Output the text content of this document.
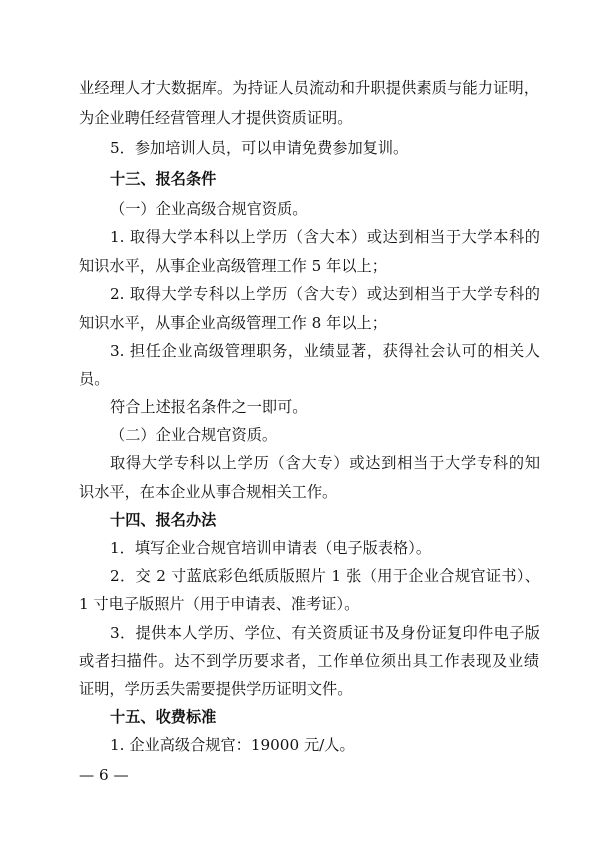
业经理人才大数据库。为持证人员流动和升职提供素质与能力证明，
为企业聘任经营管理人才提供资质证明。
5．参加培训人员，可以申请免费参加复训。
十三、报名条件
（一）企业高级合规官资质。
1. 取得大学本科以上学历（含大本）或达到相当于大学本科的
知识水平，从事企业高级管理工作 5 年以上；
2. 取得大学专科以上学历（含大专）或达到相当于大学专科的
知识水平，从事企业高级管理工作 8 年以上；
3. 担任企业高级管理职务，业绩显著，获得社会认可的相关人
员。
符合上述报名条件之一即可。
（二）企业合规官资质。
取得大学专科以上学历（含大专）或达到相当于大学专科的知
识水平，在本企业从事合规相关工作。
十四、报名办法
1．填写企业合规官培训申请表（电子版表格）。
2．交 2 寸蓝底彩色纸质版照片 1 张（用于企业合规官证书）、
1 寸电子版照片（用于申请表、准考证）。
3．提供本人学历、学位、有关资质证书及身份证复印件电子版
或者扫描件。达不到学历要求者，工作单位须出具工作表现及业绩
证明，学历丢失需要提供学历证明文件。
十五、收费标准
1. 企业高级合规官：19000 元/人。
— 6 —
